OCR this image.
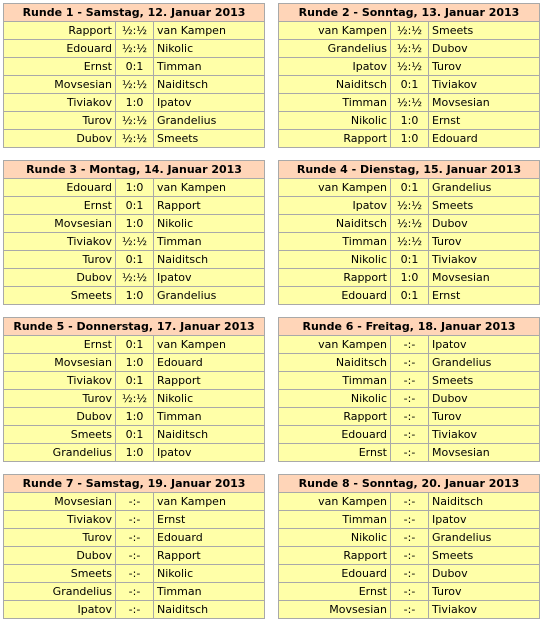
Runde 1 - Samstag, 12. Januar 2013		
Rapport	½:½	van Kampen
Edouard	½:½	Nikolic
Ernst	0:1	Timman
Movsesian	½:½	Naiditsch
Tiviakov	1:0	Ipatov
Turov	½:½	Grandelius
Dubov	½:½	Smeets
Runde 2 - Sonntag, 13. Januar 2013		
van Kampen	½:½	Smeets
Grandelius	½:½	Dubov
Ipatov	½:½	Turov
Naiditsch	0:1	Tiviakov
Timman	½:½	Movsesian
Nikolic	1:0	Ernst
Rapport	1:0	Edouard
Runde 3 - Montag, 14. Januar 2013		
Edouard	1:0	van Kampen
Ernst	0:1	Rapport
Movsesian	1:0	Nikolic
Tiviakov	½:½	Timman
Turov	0:1	Naiditsch
Dubov	½:½	Ipatov
Smeets	1:0	Grandelius
Runde 4 - Dienstag, 15. Januar 2013		
van Kampen	0:1	Grandelius
Ipatov	½:½	Smeets
Naiditsch	½:½	Dubov
Timman	½:½	Turov
Nikolic	0:1	Tiviakov
Rapport	1:0	Movsesian
Edouard	0:1	Ernst
Runde 5 - Donnerstag, 17. Januar 2013		
Ernst	0:1	van Kampen
Movsesian	1:0	Edouard
Tiviakov	0:1	Rapport
Turov	½:½	Nikolic
Dubov	1:0	Timman
Smeets	0:1	Naiditsch
Grandelius	1:0	Ipatov
Runde 6 - Freitag, 18. Januar 2013		
van Kampen	-:-	Ipatov
Naiditsch	-:-	Grandelius
Timman	-:-	Smeets
Nikolic	-:-	Dubov
Rapport	-:-	Turov
Edouard	-:-	Tiviakov
Ernst	-:-	Movsesian
Runde 7 - Samstag, 19. Januar 2013		
Movsesian	-:-	van Kampen
Tiviakov	-:-	Ernst
Turov	-:-	Edouard
Dubov	-:-	Rapport
Smeets	-:-	Nikolic
Grandelius	-:-	Timman
Ipatov	-:-	Naiditsch
Runde 8 - Sonntag, 20. Januar 2013		
van Kampen	-:-	Naiditsch
Timman	-:-	Ipatov
Nikolic	-:-	Grandelius
Rapport	-:-	Smeets
Edouard	-:-	Dubov
Ernst	-:-	Turov
Movsesian	-:-	Tiviakov
